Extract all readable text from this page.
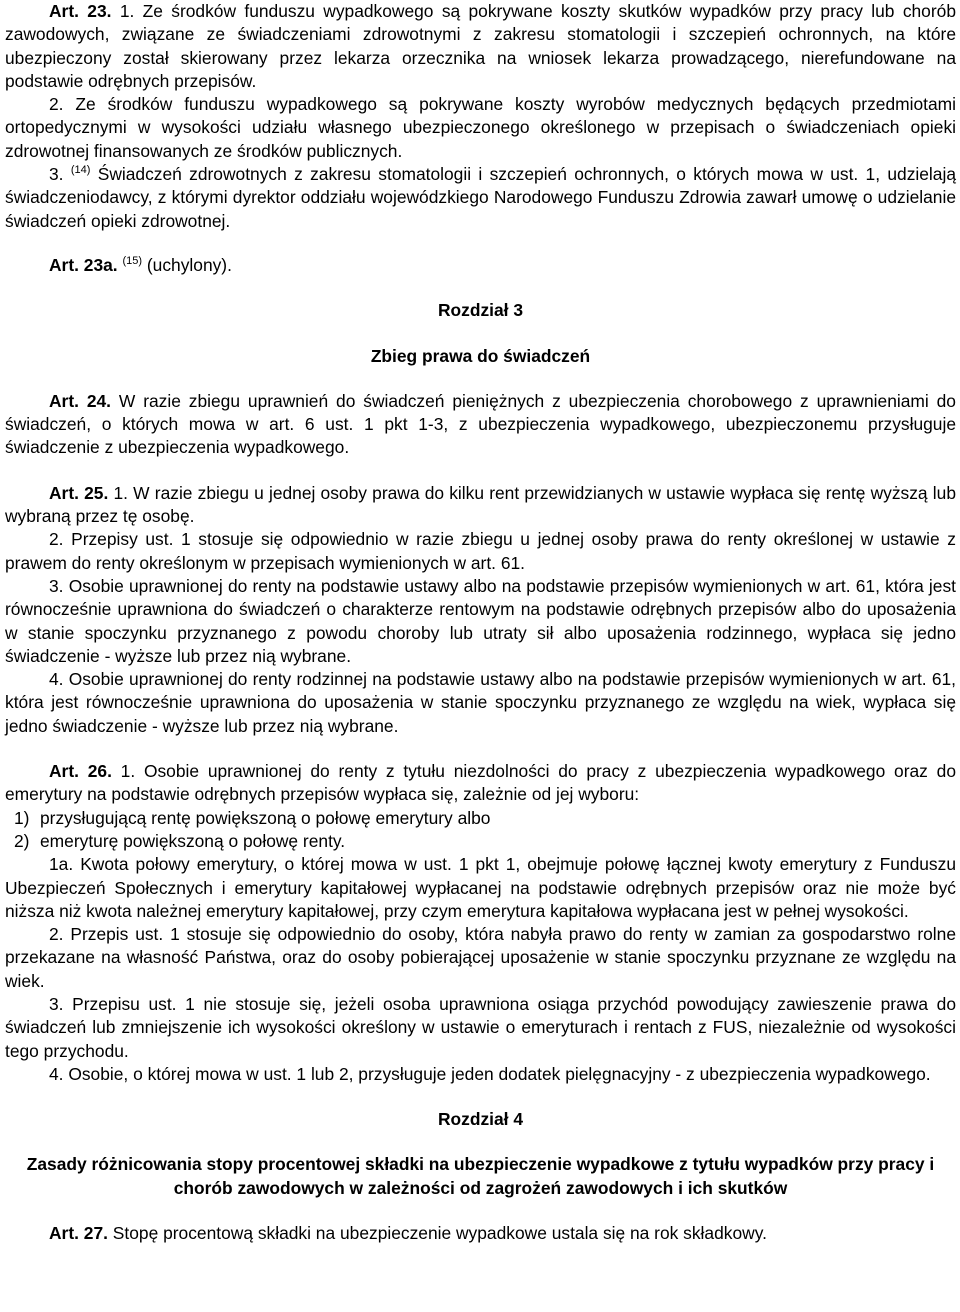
Art. 23. 1. Ze środków funduszu wypadkowego są pokrywane koszty skutków wypadków przy pracy lub chorób zawodowych, związane ze świadczeniami zdrowotnymi z zakresu stomatologii i szczepień ochronnych, na które ubezpieczony został skierowany przez lekarza orzecznika na wniosek lekarza prowadzącego, nierefundowane na podstawie odrębnych przepisów.

2. Ze środków funduszu wypadkowego są pokrywane koszty wyrobów medycznych będących przedmiotami ortopedycznymi w wysokości udziału własnego ubezpieczonego określonego w przepisach o świadczeniach opieki zdrowotnej finansowanych ze środków publicznych.

3. $^{(14)}$ Świadczeń zdrowotnych z zakresu stomatologii i szczepień ochronnych, o których mowa w ust. 1, udzielają świadczeniodawcy, z którymi dyrektor oddziału wojewódzkiego Narodowego Funduszu Zdrowia zawarł umowę o udzielanie świadczeń opieki zdrowotnej.

Art. 23a. $^{(15)}$ (uchylony).

Rozdział 3

Zbieg prawa do świadczeń

Art. 24. W razie zbiegu uprawnień do świadczeń pieniężnych z ubezpieczenia chorobowego z uprawnieniami do świadczeń, o których mowa w art. 6 ust. 1 pkt 1-3, z ubezpieczenia wypadkowego, ubezpieczonemu przysługuje świadczenie z ubezpieczenia wypadkowego.

Art. 25. 1. W razie zbiegu u jednej osoby prawa do kilku rent przewidzianych w ustawie wypłaca się rentę wyższą lub wybraną przez tę osobę.

2. Przepisy ust. 1 stosuje się odpowiednio w razie zbiegu u jednej osoby prawa do renty określonej w ustawie z prawem do renty określonym w przepisach wymienionych w art. 61.

3. Osobie uprawnionej do renty na podstawie ustawy albo na podstawie przepisów wymienionych w art. 61, która jest równocześnie uprawniona do świadczeń o charakterze rentowym na podstawie odrębnych przepisów albo do uposażenia w stanie spoczynku przyznanego z powodu choroby lub utraty sił albo uposażenia rodzinnego, wypłaca się jedno świadczenie - wyższe lub przez nią wybrane.

4. Osobie uprawnionej do renty rodzinnej na podstawie ustawy albo na podstawie przepisów wymienionych w art. 61, która jest równocześnie uprawniona do uposażenia w stanie spoczynku przyznanego ze względu na wiek, wypłaca się jedno świadczenie - wyższe lub przez nią wybrane.

Art. 26. 1. Osobie uprawnionej do renty z tytułu niezdolności do pracy z ubezpieczenia wypadkowego oraz do emerytury na podstawie odrębnych przepisów wypłaca się, zależnie od jej wyboru:

1) przysługującą rentę powiększoną o połowę emerytury albo

2) emeryturę powiększoną o połowę renty.

1a. Kwota połowy emerytury, o której mowa w ust. 1 pkt 1, obejmuje połowę łącznej kwoty emerytury z Funduszu Ubezpieczeń Społecznych i emerytury kapitałowej wypłacanej na podstawie odrębnych przepisów oraz nie może być niższa niż kwota należnej emerytury kapitałowej, przy czym emerytura kapitałowa wypłacana jest w pełnej wysokości.

2. Przepis ust. 1 stosuje się odpowiednio do osoby, która nabyła prawo do renty w zamian za gospodarstwo rolne przekazane na własność Państwa, oraz do osoby pobierającej uposażenie w stanie spoczynku przyznane ze względu na wiek.

3. Przepisu ust. 1 nie stosuje się, jeżeli osoba uprawniona osiąga przychód powodujący zawieszenie prawa do świadczeń lub zmniejszenie ich wysokości określony w ustawie o emeryturach i rentach z FUS, niezależnie od wysokości tego przychodu.

4. Osobie, o której mowa w ust. 1 lub 2, przysługuje jeden dodatek pielęgnacyjny - z ubezpieczenia wypadkowego.

Rozdział 4

Zasady różnicowania stopy procentowej składki na ubezpieczenie wypadkowe z tytułu wypadków przy pracy i chorób zawodowych w zależności od zagrożeń zawodowych i ich skutków

Art. 27. Stopę procentową składki na ubezpieczenie wypadkowe ustala się na rok składkowy.
